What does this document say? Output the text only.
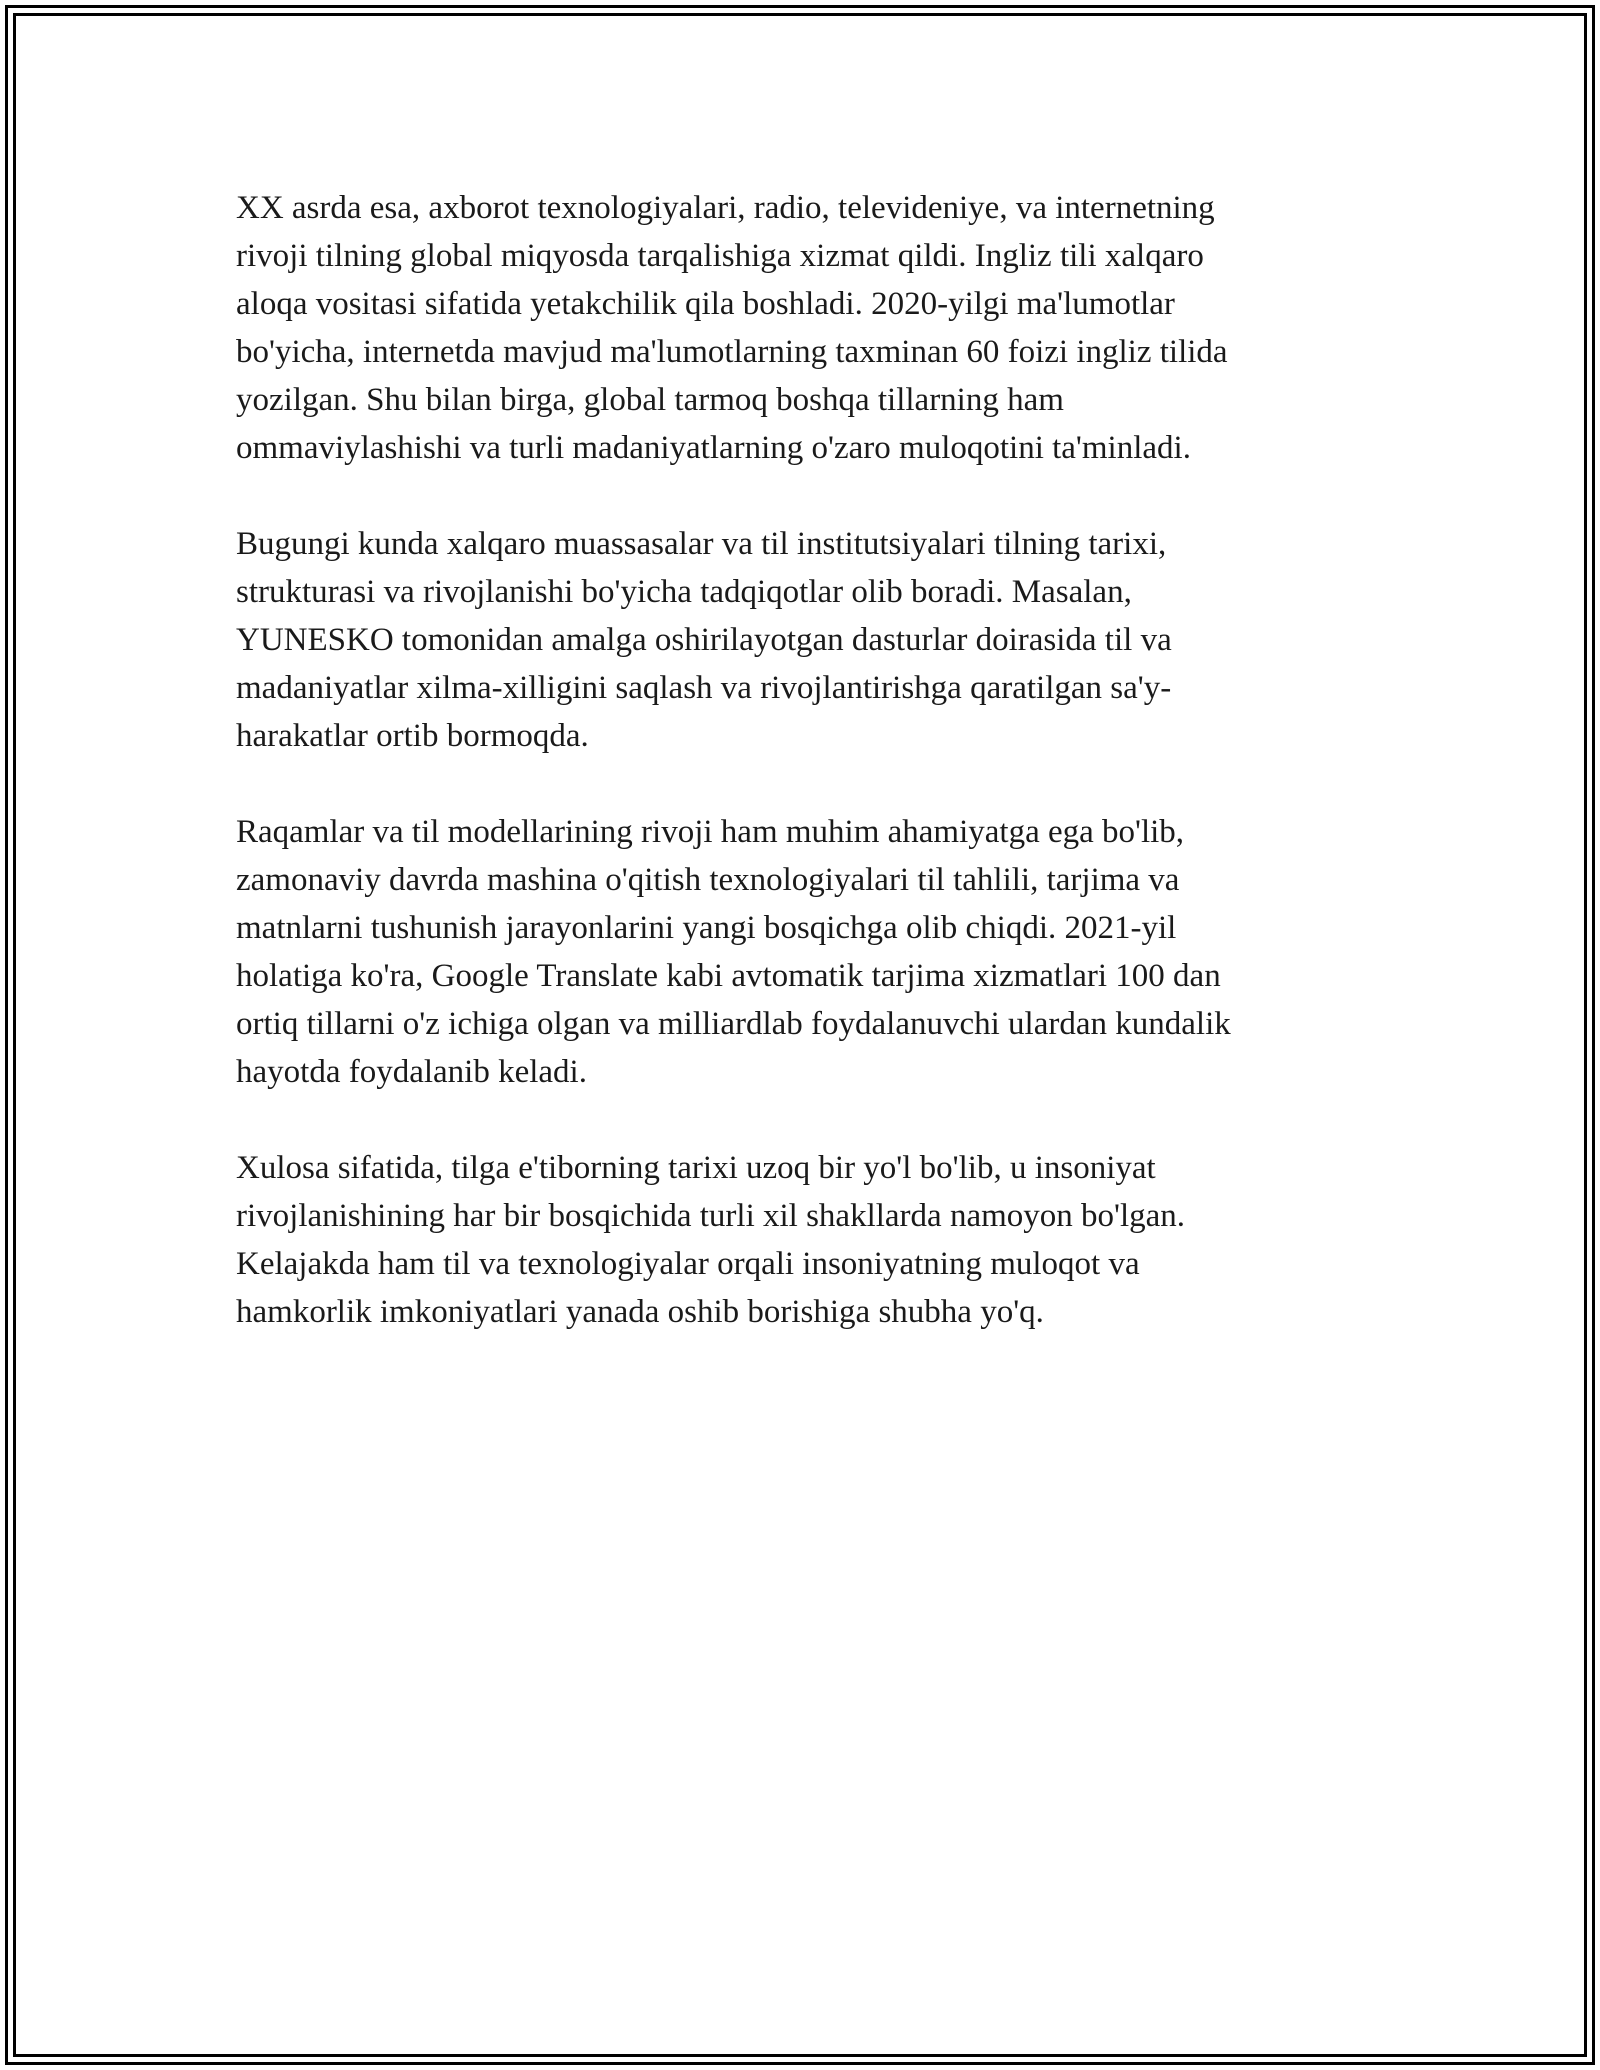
XX asrda esa, axborot texnologiyalari, radio, televideniye, va internetning
rivoji tilning global miqyosda tarqalishiga xizmat qildi. Ingliz tili xalqaro
aloqa vositasi sifatida yetakchilik qila boshladi. 2020-yilgi ma'lumotlar
bo'yicha, internetda mavjud ma'lumotlarning taxminan 60 foizi ingliz tilida
yozilgan. Shu bilan birga, global tarmoq boshqa tillarning ham
ommaviylashishi va turli madaniyatlarning o'zaro muloqotini ta'minladi.

Bugungi kunda xalqaro muassasalar va til institutsiyalari tilning tarixi,
strukturasi va rivojlanishi bo'yicha tadqiqotlar olib boradi. Masalan,
YUNESKO tomonidan amalga oshirilayotgan dasturlar doirasida til va
madaniyatlar xilma-xilligini saqlash va rivojlantirishga qaratilgan sa'y-
harakatlar ortib bormoqda.

Raqamlar va til modellarining rivoji ham muhim ahamiyatga ega bo'lib,
zamonaviy davrda mashina o'qitish texnologiyalari til tahlili, tarjima va
matnlarni tushunish jarayonlarini yangi bosqichga olib chiqdi. 2021-yil
holatiga ko'ra, Google Translate kabi avtomatik tarjima xizmatlari 100 dan
ortiq tillarni o'z ichiga olgan va milliardlab foydalanuvchi ulardan kundalik
hayotda foydalanib keladi.

Xulosa sifatida, tilga e'tiborning tarixi uzoq bir yo'l bo'lib, u insoniyat
rivojlanishining har bir bosqichida turli xil shakllarda namoyon bo'lgan.
Kelajakda ham til va texnologiyalar orqali insoniyatning muloqot va
hamkorlik imkoniyatlari yanada oshib borishiga shubha yo'q.
